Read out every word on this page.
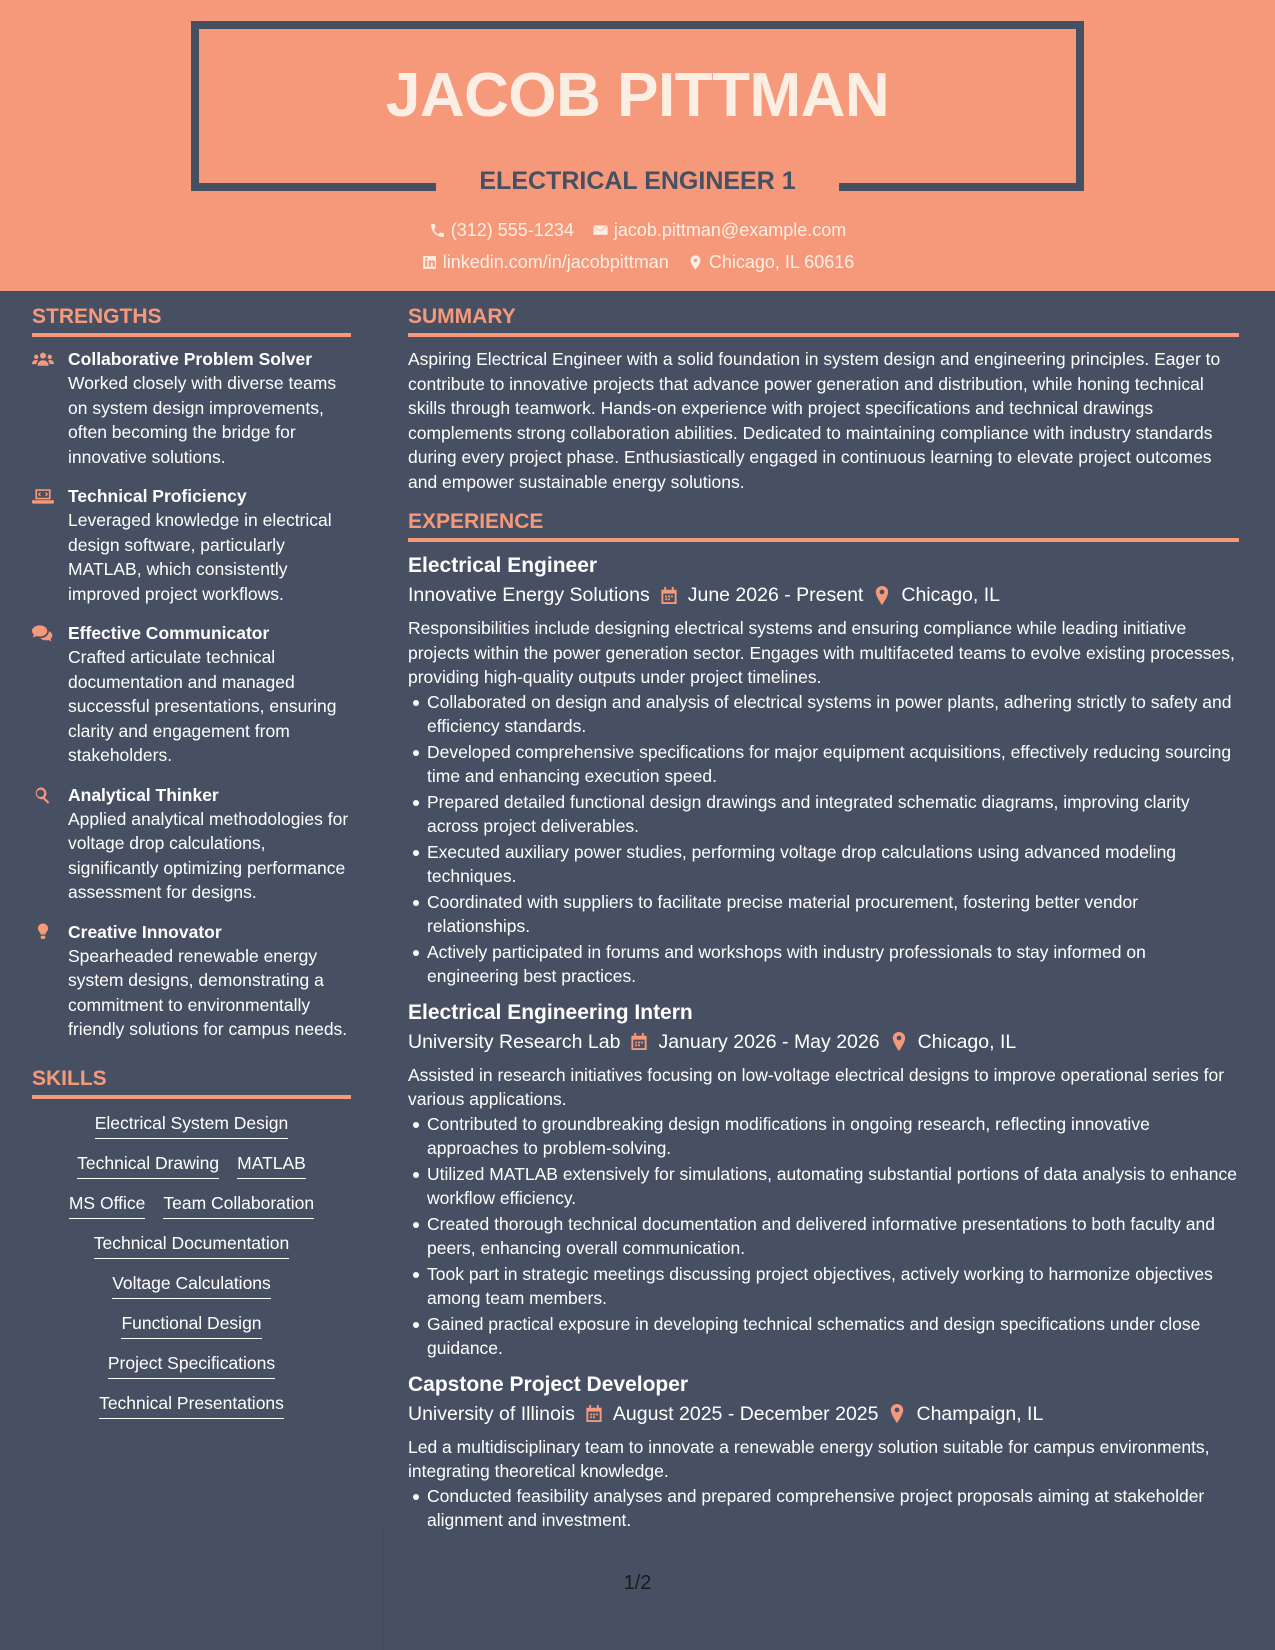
JACOB PITTMAN
ELECTRICAL ENGINEER 1
(312) 555-1234 jacob.pittman@example.com
linkedin.com/in/jacobpittman Chicago, IL 60616
STRENGTHS
Collaborative Problem Solver
Worked closely with diverse teams on system design improvements, often becoming the bridge for innovative solutions.
Technical Proficiency
Leveraged knowledge in electrical design software, particularly MATLAB, which consistently improved project workflows.
Effective Communicator
Crafted articulate technical documentation and managed successful presentations, ensuring clarity and engagement from stakeholders.
Analytical Thinker
Applied analytical methodologies for voltage drop calculations, significantly optimizing performance assessment for designs.
Creative Innovator
Spearheaded renewable energy system designs, demonstrating a commitment to environmentally friendly solutions for campus needs.
SKILLS
Electrical System Design
Technical Drawing MATLAB
MS Office Team Collaboration
Technical Documentation
Voltage Calculations
Functional Design
Project Specifications
Technical Presentations
SUMMARY
Aspiring Electrical Engineer with a solid foundation in system design and engineering principles. Eager to contribute to innovative projects that advance power generation and distribution, while honing technical skills through teamwork. Hands-on experience with project specifications and technical drawings complements strong collaboration abilities. Dedicated to maintaining compliance with industry standards during every project phase. Enthusiastically engaged in continuous learning to elevate project outcomes and empower sustainable energy solutions.
EXPERIENCE
Electrical Engineer
Innovative Energy Solutions June 2026 - Present Chicago, IL
Responsibilities include designing electrical systems and ensuring compliance while leading initiative projects within the power generation sector. Engages with multifaceted teams to evolve existing processes, providing high-quality outputs under project timelines.
Collaborated on design and analysis of electrical systems in power plants, adhering strictly to safety and efficiency standards.
Developed comprehensive specifications for major equipment acquisitions, effectively reducing sourcing time and enhancing execution speed.
Prepared detailed functional design drawings and integrated schematic diagrams, improving clarity across project deliverables.
Executed auxiliary power studies, performing voltage drop calculations using advanced modeling techniques.
Coordinated with suppliers to facilitate precise material procurement, fostering better vendor relationships.
Actively participated in forums and workshops with industry professionals to stay informed on engineering best practices.
Electrical Engineering Intern
University Research Lab January 2026 - May 2026 Chicago, IL
Assisted in research initiatives focusing on low-voltage electrical designs to improve operational series for various applications.
Contributed to groundbreaking design modifications in ongoing research, reflecting innovative approaches to problem-solving.
Utilized MATLAB extensively for simulations, automating substantial portions of data analysis to enhance workflow efficiency.
Created thorough technical documentation and delivered informative presentations to both faculty and peers, enhancing overall communication.
Took part in strategic meetings discussing project objectives, actively working to harmonize objectives among team members.
Gained practical exposure in developing technical schematics and design specifications under close guidance.
Capstone Project Developer
University of Illinois August 2025 - December 2025 Champaign, IL
Led a multidisciplinary team to innovate a renewable energy solution suitable for campus environments, integrating theoretical knowledge.
Conducted feasibility analyses and prepared comprehensive project proposals aiming at stakeholder alignment and investment.
1/2
